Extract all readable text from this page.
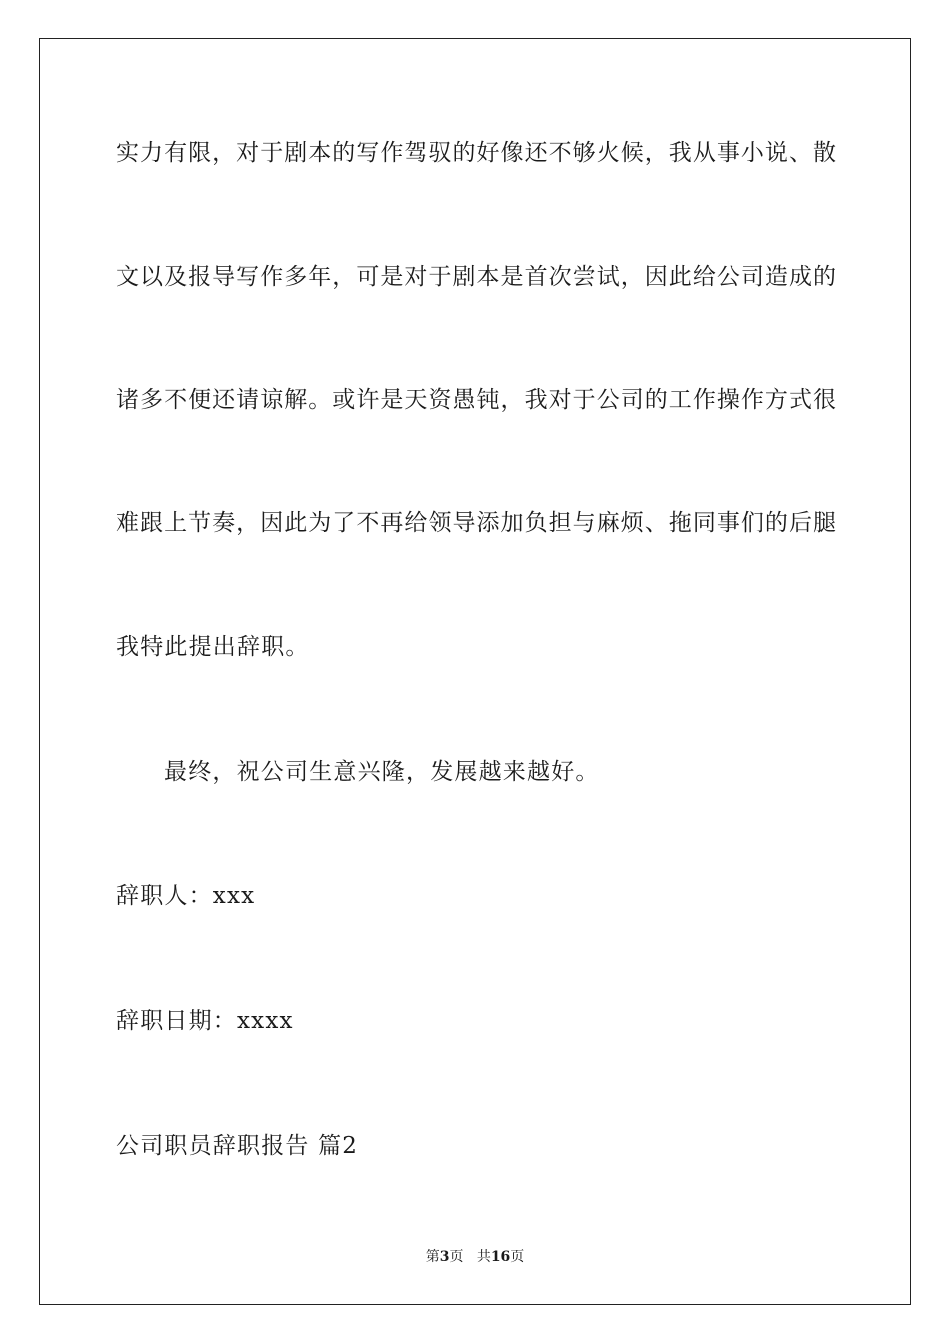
实力有限，对于剧本的写作驾驭的好像还不够火候，我从事小说、散
文以及报导写作多年，可是对于剧本是首次尝试，因此给公司造成的
诸多不便还请谅解。或许是天资愚钝，我对于公司的工作操作方式很
难跟上节奏，因此为了不再给领导添加负担与麻烦、拖同事们的后腿
我特此提出辞职。
最终，祝公司生意兴隆，发展越来越好。
辞职人：xxx
辞职日期：xxxx
公司职员辞职报告 篇2
第3页 共16页
